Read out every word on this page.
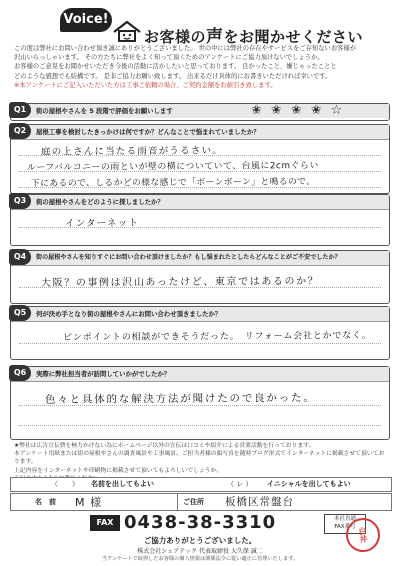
Voice!
お客様の声をお聞かせください

この度は弊社にお問い合わせ頂き誠にありがとうございました。 世の中には弊社の存在やサービスをご存知ないお客様が

沢山いらっしゃいます。 その方たちに弊社をよく知って頂くためのアンケートにご協力頂けないでしょうか。

お客様のご意見をお聞かせいただき今後の活動に活かしたいと思っております。 良かったこと、嫌じゃったことと

どのような感想でも結構です。 是非ご協力お願い致します。 出来るだけ具体的にお書きいただければ幸いです。

※本アンケートにご記入いただいた方は工事ご依頼の場合、ご契約金額をお値引き致します。

Q1	街の屋根やさんを 5 段階で評価をお願いします	✬ ✬ ✬ ✬ ☆
Q2	屋根工事を検討したきっかけは何ですか？どんなことで悩まれていましたか？
庭の上さんに当たる雨音がうるさい。
ルーフバルコニーの雨といが壁の横についていて、台風に2cmぐらい
下にあるので、しるかどの様な感じで「ボーンボーン」と鳴るので。
Q3	街の屋根やさんをどのように探しましたか？
インターネット
Q4	街の屋根やさんを知りすぐにお問い合わせ頂けましたか？もし悩まれたとしたらどんなことがご不安でしたか？
大阪？の事例は沢山あったけど、東京ではあるのか？
Q5	何が決め手となり街の屋根やさんにお問い合わせ頂きましたか？
ピンポイントの相談ができそうだった。　リフォーム会社とかでなく。
Q6	実際に弊社担当者が訪問していかがでしたか？
色々と具体的な解決方法が聞けたので良かった。

★弊社は広告宣伝費を極力かけない為にホームページ以外の宣伝は口コミや紹介による営業活動を行っております。

本アンケート用紙または街の屋根やさんの調査風景や工事風景、ご担当者様の顔写真を随時ブログ形式でインターネットに掲載させて頂いております。

上記内容をインターネットや印刷物に掲載させて頂いてもよろしいでしょうか。

（　　） 名前を出してもよい	（ レ ） イニシャルを出してもよい
名　前 M 様	ご住所 板橋区常盤台
FAX 0438-38-3310	本社直通
FAX番号
ご協力ありがとうございました。
株式会社シェアテック 代表取締役 大久保 誠二
当アンケートで取得したお客様の個人情報は関係法令に従い適正に管理いたします。
白井
